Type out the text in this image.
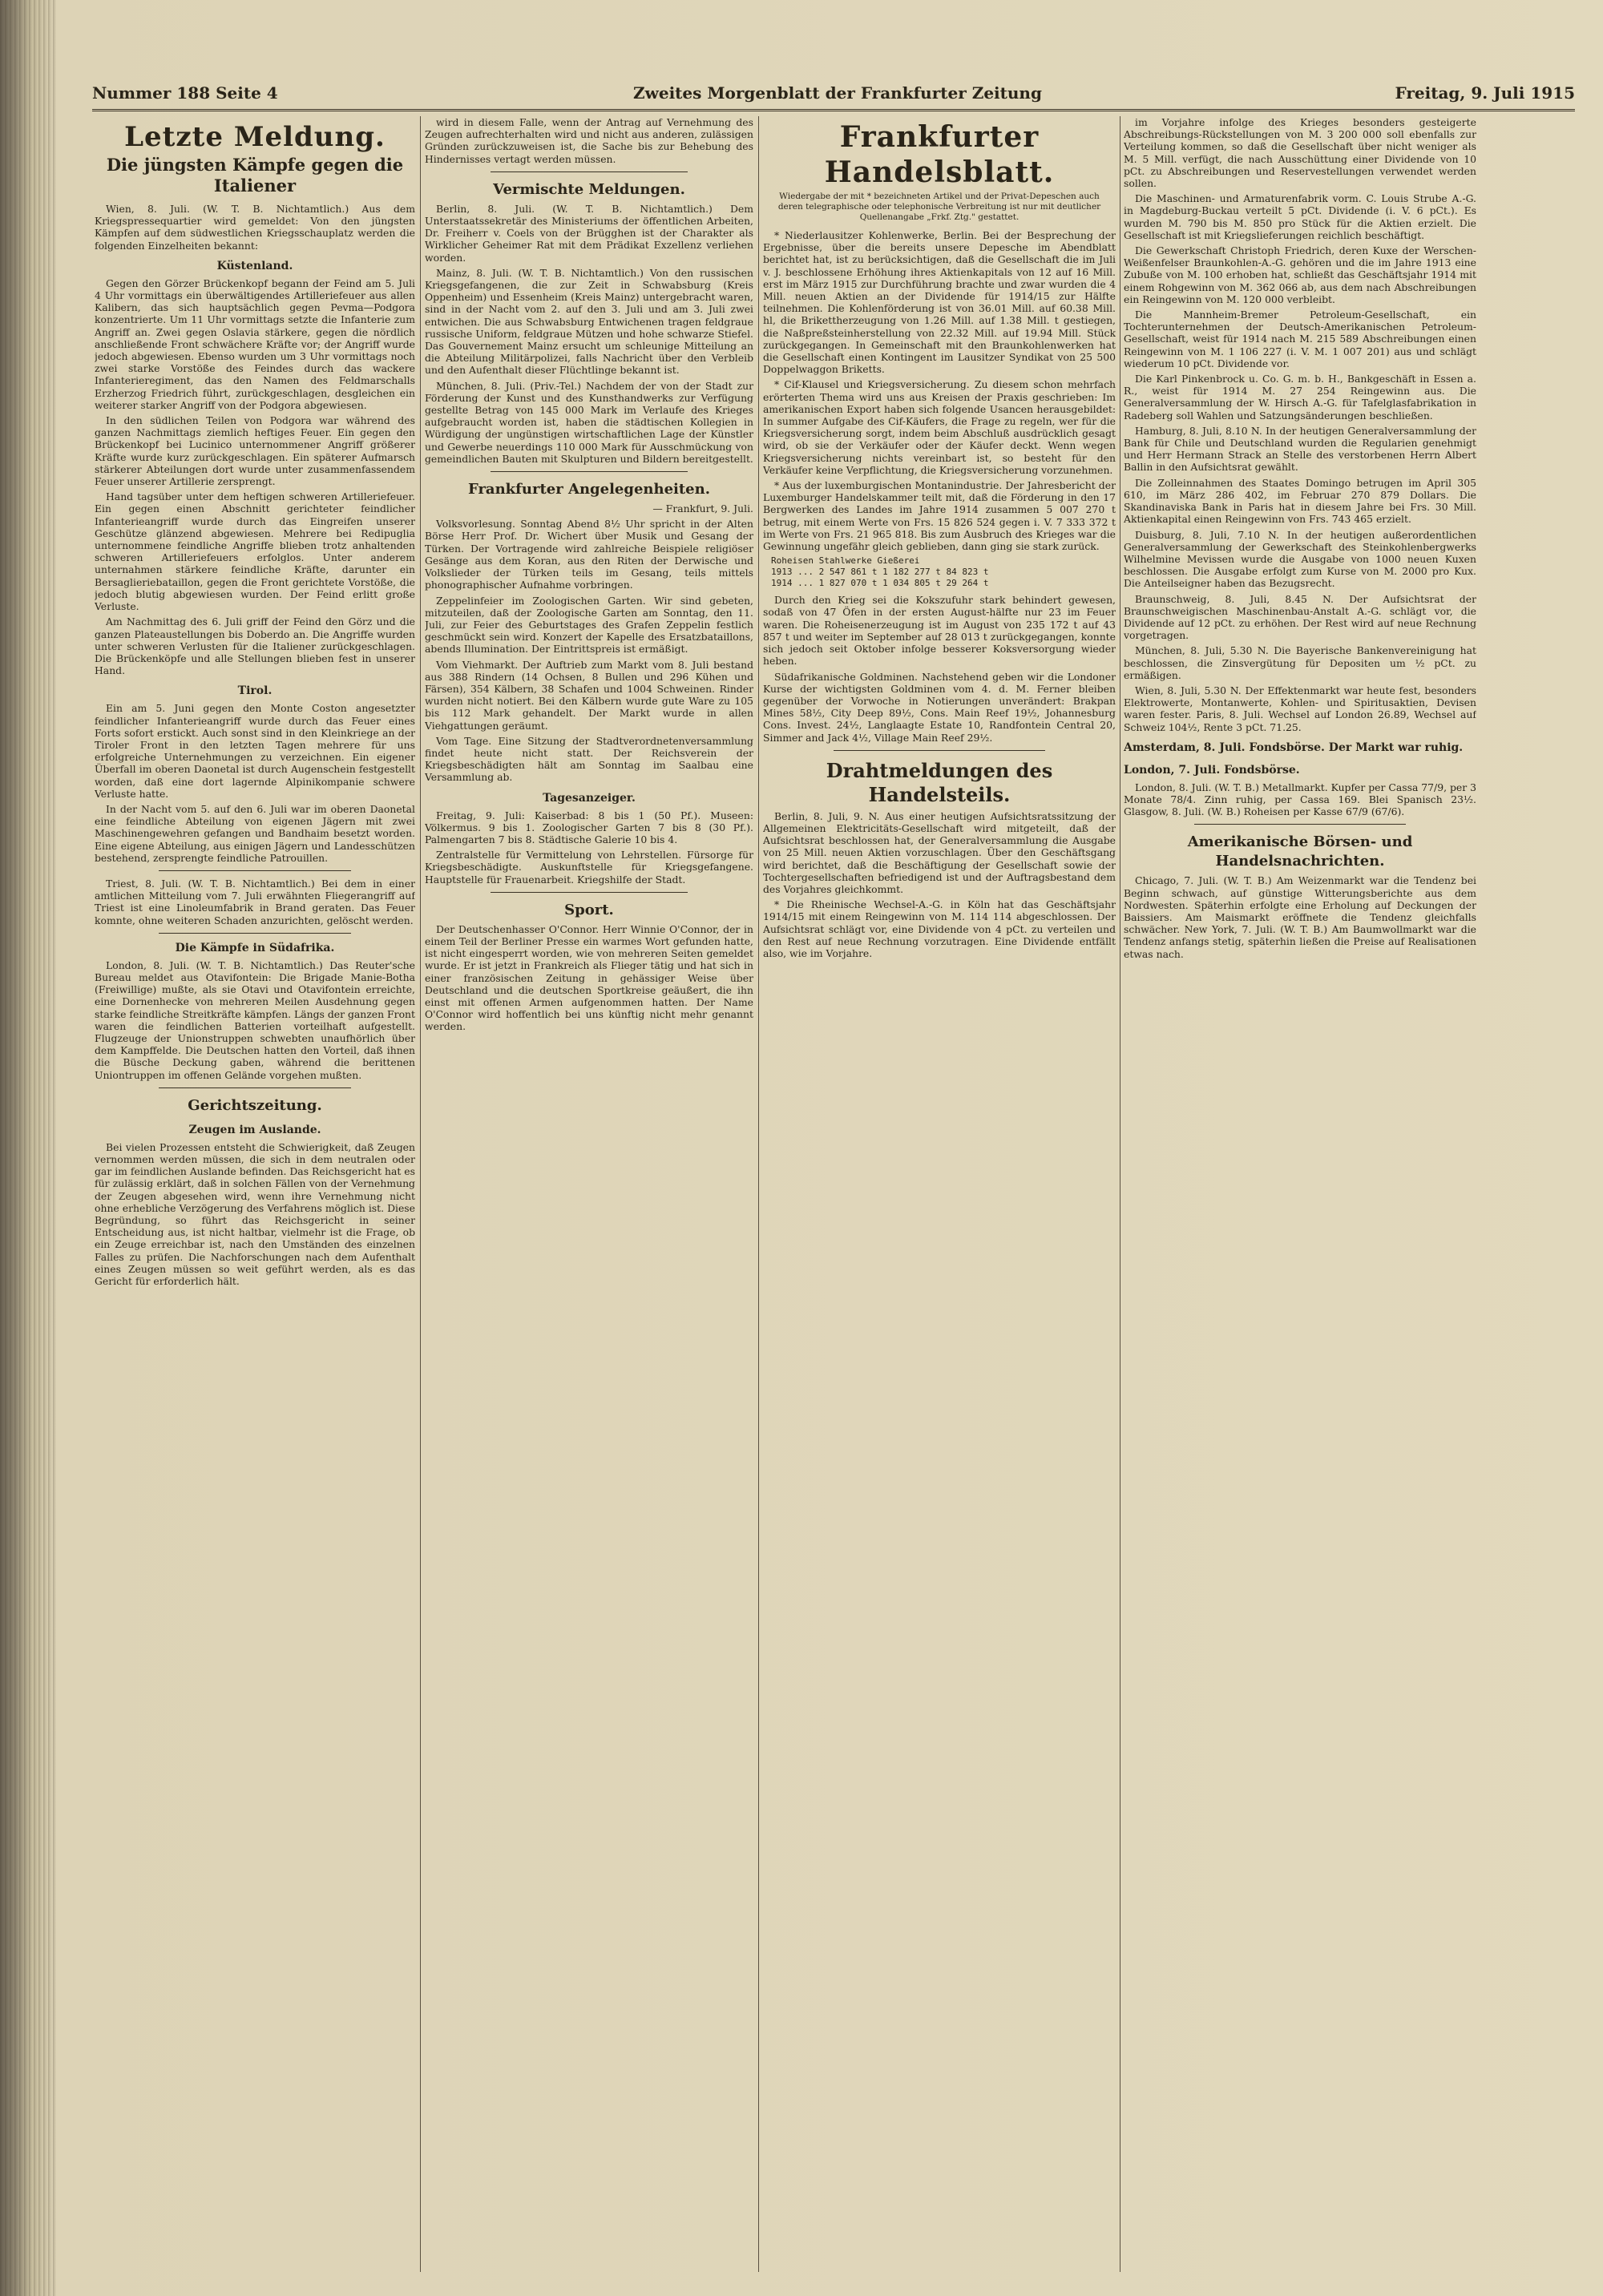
Nummer 188 Seite 4	Zweites Morgenblatt der Frankfurter Zeitung	Freitag, 9. Juli 1915
Letzte Meldung.
Die jüngsten Kämpfe gegen die Italiener

Wien, 8. Juli. (W. T. B. Nichtamtlich.) Aus dem Kriegspressequartier wird gemeldet: Von den jüngsten Kämpfen auf dem südwestlichen Kriegsschauplatz werden die folgenden Einzelheiten bekannt:

Küstenland.

Gegen den Görzer Brückenkopf begann der Feind am 5. Juli 4 Uhr vormittags ein überwältigendes Artilleriefeuer aus allen Kalibern, das sich hauptsächlich gegen Pevma—Podgora konzentrierte. Um 11 Uhr vormittags setzte die Infanterie zum Angriff an. Zwei gegen Oslavia stärkere, gegen die nördlich anschließende Front schwächere Kräfte vor; der Angriff wurde jedoch abgewiesen. Ebenso wurden um 3 Uhr vormittags noch zwei starke Vorstöße des Feindes durch das wackere Infanterieregiment, das den Namen des Feldmarschalls Erzherzog Friedrich führt, zurückgeschlagen, desgleichen ein weiterer starker Angriff von der Podgora abgewiesen.

In den südlichen Teilen von Podgora war während des ganzen Nachmittags ziemlich heftiges Feuer. Ein gegen den Brückenkopf bei Lucinico unternommener Angriff größerer Kräfte wurde kurz zurückgeschlagen. Ein späterer Aufmarsch stärkerer Abteilungen dort wurde unter zusammenfassendem Feuer unserer Artillerie zersprengt.

Hand tagsüber unter dem heftigen schweren Artilleriefeuer. Ein gegen einen Abschnitt gerichteter feindlicher Infanterieangriff wurde durch das Eingreifen unserer Geschütze glänzend abgewiesen. Mehrere bei Redipuglia unternommene feindliche Angriffe blieben trotz anhaltenden schweren Artilleriefeuers erfolglos. Unter anderem unternahmen stärkere feindliche Kräfte, darunter ein Bersaglieriebataillon, gegen die Front gerichtete Vorstöße, die jedoch blutig abgewiesen wurden. Der Feind erlitt große Verluste.

Am Nachmittag des 6. Juli griff der Feind den Görz und die ganzen Plateaustellungen bis Doberdo an. Die Angriffe wurden unter schweren Verlusten für die Italiener zurückgeschlagen. Die Brückenköpfe und alle Stellungen blieben fest in unserer Hand.

Tirol.

Ein am 5. Juni gegen den Monte Coston angesetzter feindlicher Infanterieangriff wurde durch das Feuer eines Forts sofort erstickt. Auch sonst sind in den Kleinkriege an der Tiroler Front in den letzten Tagen mehrere für uns erfolgreiche Unternehmungen zu verzeichnen. Ein eigener Überfall im oberen Daonetal ist durch Augenschein festgestellt worden, daß eine dort lagernde Alpinikompanie schwere Verluste hatte.

In der Nacht vom 5. auf den 6. Juli war im oberen Daonetal eine feindliche Abteilung von eigenen Jägern mit zwei Maschinengewehren gefangen und Bandhaim besetzt worden. Eine eigene Abteilung, aus einigen Jägern und Landesschützen bestehend, zersprengte feindliche Patrouillen.

Triest, 8. Juli. (W. T. B. Nichtamtlich.) Bei dem in einer amtlichen Mitteilung vom 7. Juli erwähnten Fliegerangriff auf Triest ist eine Linoleumfabrik in Brand geraten. Das Feuer komnte, ohne weiteren Schaden anzurichten, gelöscht werden.

Die Kämpfe in Südafrika.

London, 8. Juli. (W. T. B. Nichtamtlich.) Das Reuter'sche Bureau meldet aus Otavifontein: Die Brigade Manie-Botha (Freiwillige) mußte, als sie Otavi und Otavifontein erreichte, eine Dornenhecke von mehreren Meilen Ausdehnung gegen starke feindliche Streitkräfte kämpfen. Längs der ganzen Front waren die feindlichen Batterien vorteilhaft aufgestellt. Flugzeuge der Unionstruppen schwebten unaufhörlich über dem Kampffelde. Die Deutschen hatten den Vorteil, daß ihnen die Büsche Deckung gaben, während die berittenen Uniontruppen im offenen Gelände vorgehen mußten.

Gerichtszeitung.
Zeugen im Auslande.

Bei vielen Prozessen entsteht die Schwierigkeit, daß Zeugen vernommen werden müssen, die sich in dem neutralen oder gar im feindlichen Auslande befinden. Das Reichsgericht hat es für zulässig erklärt, daß in solchen Fällen von der Vernehmung der Zeugen abgesehen wird, wenn ihre Vernehmung nicht ohne erhebliche Verzögerung des Verfahrens möglich ist. Diese Begründung, so führt das Reichsgericht in seiner Entscheidung aus, ist nicht haltbar, vielmehr ist die Frage, ob ein Zeuge erreichbar ist, nach den Umständen des einzelnen Falles zu prüfen. Die Nachforschungen nach dem Aufenthalt eines Zeugen müssen so weit geführt werden, als es das Gericht für erforderlich hält.

wird in diesem Falle, wenn der Antrag auf Vernehmung des Zeugen aufrechterhalten wird und nicht aus anderen, zulässigen Gründen zurückzuweisen ist, die Sache bis zur Behebung des Hindernisses vertagt werden müssen.

Vermischte Meldungen.

Berlin, 8. Juli. (W. T. B. Nichtamtlich.) Dem Unterstaatssekretär des Ministeriums der öffentlichen Arbeiten, Dr. Freiherr v. Coels von der Brügghen ist der Charakter als Wirklicher Geheimer Rat mit dem Prädikat Exzellenz verliehen worden.

Mainz, 8. Juli. (W. T. B. Nichtamtlich.) Von den russischen Kriegsgefangenen, die zur Zeit in Schwabsburg (Kreis Oppenheim) und Essenheim (Kreis Mainz) untergebracht waren, sind in der Nacht vom 2. auf den 3. Juli und am 3. Juli zwei entwichen. Die aus Schwabsburg Entwichenen tragen feldgraue russische Uniform, feldgraue Mützen und hohe schwarze Stiefel. Das Gouvernement Mainz ersucht um schleunige Mitteilung an die Abteilung Militärpolizei, falls Nachricht über den Verbleib und den Aufenthalt dieser Flüchtlinge bekannt ist.

München, 8. Juli. (Priv.-Tel.) Nachdem der von der Stadt zur Förderung der Kunst und des Kunsthandwerks zur Verfügung gestellte Betrag von 145 000 Mark im Verlaufe des Krieges aufgebraucht worden ist, haben die städtischen Kollegien in Würdigung der ungünstigen wirtschaftlichen Lage der Künstler und Gewerbe neuerdings 110 000 Mark für Ausschmückung von gemeindlichen Bauten mit Skulpturen und Bildern bereitgestellt.

Frankfurter Angelegenheiten.
— Frankfurt, 9. Juli.

Volksvorlesung. Sonntag Abend 8½ Uhr spricht in der Alten Börse Herr Prof. Dr. Wichert über Musik und Gesang der Türken. Der Vortragende wird zahlreiche Beispiele religiöser Gesänge aus dem Koran, aus den Riten der Derwische und Volkslieder der Türken teils im Gesang, teils mittels phonographischer Aufnahme vorbringen.

Zeppelinfeier im Zoologischen Garten. Wir sind gebeten, mitzuteilen, daß der Zoologische Garten am Sonntag, den 11. Juli, zur Feier des Geburtstages des Grafen Zeppelin festlich geschmückt sein wird. Konzert der Kapelle des Ersatzbataillons, abends Illumination. Der Eintrittspreis ist ermäßigt.

Vom Viehmarkt. Der Auftrieb zum Markt vom 8. Juli bestand aus 388 Rindern (14 Ochsen, 8 Bullen und 296 Kühen und Färsen), 354 Kälbern, 38 Schafen und 1004 Schweinen. Rinder wurden nicht notiert. Bei den Kälbern wurde gute Ware zu 105 bis 112 Mark gehandelt. Der Markt wurde in allen Viehgattungen geräumt.

Vom Tage. Eine Sitzung der Stadtverordnetenversammlung findet heute nicht statt. Der Reichsverein der Kriegsbeschädigten hält am Sonntag im Saalbau eine Versammlung ab.

Tagesanzeiger.

Freitag, 9. Juli: Kaiserbad: 8 bis 1 (50 Pf.). Museen: Völkermus. 9 bis 1. Zoologischer Garten 7 bis 8 (30 Pf.). Palmengarten 7 bis 8. Städtische Galerie 10 bis 4.

Zentralstelle für Vermittelung von Lehrstellen. Fürsorge für Kriegsbeschädigte. Auskunftstelle für Kriegsgefangene. Hauptstelle für Frauenarbeit. Kriegshilfe der Stadt.

Sport.

Der Deutschenhasser O'Connor. Herr Winnie O'Connor, der in einem Teil der Berliner Presse ein warmes Wort gefunden hatte, ist nicht eingesperrt worden, wie von mehreren Seiten gemeldet wurde. Er ist jetzt in Frankreich als Flieger tätig und hat sich in einer französischen Zeitung in gehässiger Weise über Deutschland und die deutschen Sportkreise geäußert, die ihn einst mit offenen Armen aufgenommen hatten. Der Name O'Connor wird hoffentlich bei uns künftig nicht mehr genannt werden.

Frankfurter Handelsblatt.
Wiedergabe der mit * bezeichneten Artikel und der Privat-Depeschen auch deren telegraphische oder telephonische Verbreitung ist nur mit deutlicher Quellenangabe „Frkf. Ztg." gestattet.

* Niederlausitzer Kohlenwerke, Berlin. Bei der Besprechung der Ergebnisse, über die bereits unsere Depesche im Abendblatt berichtet hat, ist zu berücksichtigen, daß die Gesellschaft die im Juli v. J. beschlossene Erhöhung ihres Aktienkapitals von 12 auf 16 Mill. erst im März 1915 zur Durchführung brachte und zwar wurden die 4 Mill. neuen Aktien an der Dividende für 1914/15 zur Hälfte teilnehmen. Die Kohlenförderung ist von 36.01 Mill. auf 60.38 Mill. hl, die Brikettherzeugung von 1.26 Mill. auf 1.38 Mill. t gestiegen, die Naßpreßsteinherstellung von 22.32 Mill. auf 19.94 Mill. Stück zurückgegangen. In Gemeinschaft mit den Braunkohlenwerken hat die Gesellschaft einen Kontingent im Lausitzer Syndikat von 25 500 Doppelwaggon Briketts.

* Cif-Klausel und Kriegsversicherung. Zu diesem schon mehrfach erörterten Thema wird uns aus Kreisen der Praxis geschrieben: Im amerikanischen Export haben sich folgende Usancen herausgebildet: In summer Aufgabe des Cif-Käufers, die Frage zu regeln, wer für die Kriegsversicherung sorgt, indem beim Abschluß ausdrücklich gesagt wird, ob sie der Verkäufer oder der Käufer deckt. Wenn wegen Kriegsversicherung nichts vereinbart ist, so besteht für den Verkäufer keine Verpflichtung, die Kriegsversicherung vorzunehmen.

* Aus der luxemburgischen Montanindustrie. Der Jahresbericht der Luxemburger Handelskammer teilt mit, daß die Förderung in den 17 Bergwerken des Landes im Jahre 1914 zusammen 5 007 270 t betrug, mit einem Werte von Frs. 15 826 524 gegen i. V. 7 333 372 t im Werte von Frs. 21 965 818. Bis zum Ausbruch des Krieges war die Gewinnung ungefähr gleich geblieben, dann ging sie stark zurück.

Roheisen Stahlwerke Gießerei
1913 ... 2 547 861 t 1 182 277 t 84 823 t
1914 ... 1 827 070 t 1 034 805 t 29 264 t

Durch den Krieg sei die Kokszufuhr stark behindert gewesen, sodaß von 47 Öfen in der ersten August-hälfte nur 23 im Feuer waren. Die Roheisenerzeugung ist im August von 235 172 t auf 43 857 t und weiter im September auf 28 013 t zurückgegangen, konnte sich jedoch seit Oktober infolge besserer Koksversorgung wieder heben.

Südafrikanische Goldminen. Nachstehend geben wir die Londoner Kurse der wichtigsten Goldminen vom 4. d. M. Ferner bleiben gegenüber der Vorwoche in Notierungen unverändert: Brakpan Mines 58½, City Deep 89½, Cons. Main Reef 19½, Johannesburg Cons. Invest. 24½, Langlaagte Estate 10, Randfontein Central 20, Simmer and Jack 4½, Village Main Reef 29½.

Drahtmeldungen des Handelsteils.

Berlin, 8. Juli, 9. N. Aus einer heutigen Aufsichtsratssitzung der Allgemeinen Elektricitäts-Gesellschaft wird mitgeteilt, daß der Aufsichtsrat beschlossen hat, der Generalversammlung die Ausgabe von 25 Mill. neuen Aktien vorzuschlagen. Über den Geschäftsgang wird berichtet, daß die Beschäftigung der Gesellschaft sowie der Tochtergesellschaften befriedigend ist und der Auftragsbestand dem des Vorjahres gleichkommt.

* Die Rheinische Wechsel-A.-G. in Köln hat das Geschäftsjahr 1914/15 mit einem Reingewinn von M. 114 114 abgeschlossen. Der Aufsichtsrat schlägt vor, eine Dividende von 4 pCt. zu verteilen und den Rest auf neue Rechnung vorzutragen. Eine Dividende entfällt also, wie im Vorjahre.

im Vorjahre infolge des Krieges besonders gesteigerte Abschreibungs-Rückstellungen von M. 3 200 000 soll ebenfalls zur Verteilung kommen, so daß die Gesellschaft über nicht weniger als M. 5 Mill. verfügt, die nach Ausschüttung einer Dividende von 10 pCt. zu Abschreibungen und Reservestellungen verwendet werden sollen.

Die Maschinen- und Armaturenfabrik vorm. C. Louis Strube A.-G. in Magdeburg-Buckau verteilt 5 pCt. Dividende (i. V. 6 pCt.). Es wurden M. 790 bis M. 850 pro Stück für die Aktien erzielt. Die Gesellschaft ist mit Kriegslieferungen reichlich beschäftigt.

Die Gewerkschaft Christoph Friedrich, deren Kuxe der Werschen-Weißenfelser Braunkohlen-A.-G. gehören und die im Jahre 1913 eine Zubuße von M. 100 erhoben hat, schließt das Geschäftsjahr 1914 mit einem Rohgewinn von M. 362 066 ab, aus dem nach Abschreibungen ein Reingewinn von M. 120 000 verbleibt.

Die Mannheim-Bremer Petroleum-Gesellschaft, ein Tochterunternehmen der Deutsch-Amerikanischen Petroleum-Gesellschaft, weist für 1914 nach M. 215 589 Abschreibungen einen Reingewinn von M. 1 106 227 (i. V. M. 1 007 201) aus und schlägt wiederum 10 pCt. Dividende vor.

Die Karl Pinkenbrock u. Co. G. m. b. H., Bankgeschäft in Essen a. R., weist für 1914 M. 27 254 Reingewinn aus. Die Generalversammlung der W. Hirsch A.-G. für Tafelglasfabrikation in Radeberg soll Wahlen und Satzungsänderungen beschließen.

Hamburg, 8. Juli, 8.10 N. In der heutigen Generalversammlung der Bank für Chile und Deutschland wurden die Regularien genehmigt und Herr Hermann Strack an Stelle des verstorbenen Herrn Albert Ballin in den Aufsichtsrat gewählt.

Die Zolleinnahmen des Staates Domingo betrugen im April 305 610, im März 286 402, im Februar 270 879 Dollars. Die Skandinaviska Bank in Paris hat in diesem Jahre bei Frs. 30 Mill. Aktienkapital einen Reingewinn von Frs. 743 465 erzielt.

Duisburg, 8. Juli, 7.10 N. In der heutigen außerordentlichen Generalversammlung der Gewerkschaft des Steinkohlenbergwerks Wilhelmine Mevissen wurde die Ausgabe von 1000 neuen Kuxen beschlossen. Die Ausgabe erfolgt zum Kurse von M. 2000 pro Kux. Die Anteilseigner haben das Bezugsrecht.

Braunschweig, 8. Juli, 8.45 N. Der Aufsichtsrat der Braunschweigischen Maschinenbau-Anstalt A.-G. schlägt vor, die Dividende auf 12 pCt. zu erhöhen. Der Rest wird auf neue Rechnung vorgetragen.

München, 8. Juli, 5.30 N. Die Bayerische Bankenvereinigung hat beschlossen, die Zinsvergütung für Depositen um ½ pCt. zu ermäßigen.

Wien, 8. Juli, 5.30 N. Der Effektenmarkt war heute fest, besonders Elektrowerte, Montanwerte, Kohlen- und Spiritusaktien, Devisen waren fester. Paris, 8. Juli. Wechsel auf London 26.89, Wechsel auf Schweiz 104½, Rente 3 pCt. 71.25.

Amsterdam, 8. Juli. Fondsbörse. Der Markt war ruhig.
London, 7. Juli. Fondsbörse.

London, 8. Juli. (W. T. B.) Metallmarkt. Kupfer per Cassa 77/9, per 3 Monate 78/4. Zinn ruhig, per Cassa 169. Blei Spanisch 23½. Glasgow, 8. Juli. (W. B.) Roheisen per Kasse 67/9 (67/6).

Amerikanische Börsen- und Handelsnachrichten.

Chicago, 7. Juli. (W. T. B.) Am Weizenmarkt war die Tendenz bei Beginn schwach, auf günstige Witterungsberichte aus dem Nordwesten. Späterhin erfolgte eine Erholung auf Deckungen der Baissiers. Am Maismarkt eröffnete die Tendenz gleichfalls schwächer. New York, 7. Juli. (W. T. B.) Am Baumwollmarkt war die Tendenz anfangs stetig, späterhin ließen die Preise auf Realisationen etwas nach.
